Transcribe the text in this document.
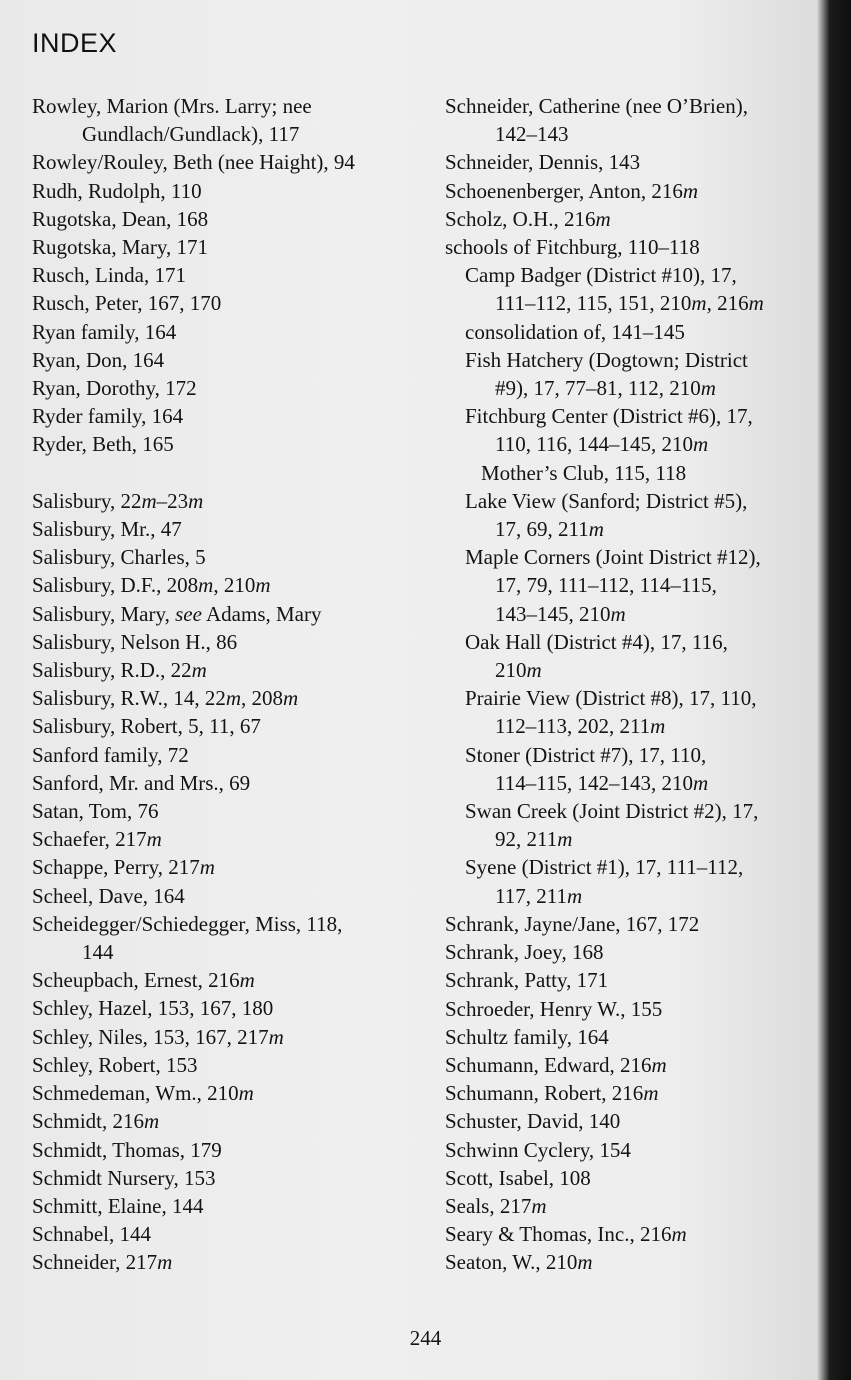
INDEX
Rowley, Marion (Mrs. Larry; nee
Gundlach/Gundlack), 117
Rowley/Rouley, Beth (nee Haight), 94
Rudh, Rudolph, 110
Rugotska, Dean, 168
Rugotska, Mary, 171
Rusch, Linda, 171
Rusch, Peter, 167, 170
Ryan family, 164
Ryan, Don, 164
Ryan, Dorothy, 172
Ryder family, 164
Ryder, Beth, 165
Salisbury, 22m–23m
Salisbury, Mr., 47
Salisbury, Charles, 5
Salisbury, D.F., 208m, 210m
Salisbury, Mary, see Adams, Mary
Salisbury, Nelson H., 86
Salisbury, R.D., 22m
Salisbury, R.W., 14, 22m, 208m
Salisbury, Robert, 5, 11, 67
Sanford family, 72
Sanford, Mr. and Mrs., 69
Satan, Tom, 76
Schaefer, 217m
Schappe, Perry, 217m
Scheel, Dave, 164
Scheidegger/Schiedegger, Miss, 118,
144
Scheupbach, Ernest, 216m
Schley, Hazel, 153, 167, 180
Schley, Niles, 153, 167, 217m
Schley, Robert, 153
Schmedeman, Wm., 210m
Schmidt, 216m
Schmidt, Thomas, 179
Schmidt Nursery, 153
Schmitt, Elaine, 144
Schnabel, 144
Schneider, 217m
Schneider, Catherine (nee O’Brien),
142–143
Schneider, Dennis, 143
Schoenenberger, Anton, 216m
Scholz, O.H., 216m
schools of Fitchburg, 110–118
Camp Badger (District #10), 17,
111–112, 115, 151, 210m, 216m
consolidation of, 141–145
Fish Hatchery (Dogtown; District
#9), 17, 77–81, 112, 210m
Fitchburg Center (District #6), 17,
110, 116, 144–145, 210m
Mother’s Club, 115, 118
Lake View (Sanford; District #5),
17, 69, 211m
Maple Corners (Joint District #12),
17, 79, 111–112, 114–115,
143–145, 210m
Oak Hall (District #4), 17, 116,
210m
Prairie View (District #8), 17, 110,
112–113, 202, 211m
Stoner (District #7), 17, 110,
114–115, 142–143, 210m
Swan Creek (Joint District #2), 17,
92, 211m
Syene (District #1), 17, 111–112,
117, 211m
Schrank, Jayne/Jane, 167, 172
Schrank, Joey, 168
Schrank, Patty, 171
Schroeder, Henry W., 155
Schultz family, 164
Schumann, Edward, 216m
Schumann, Robert, 216m
Schuster, David, 140
Schwinn Cyclery, 154
Scott, Isabel, 108
Seals, 217m
Seary & Thomas, Inc., 216m
Seaton, W., 210m
244
